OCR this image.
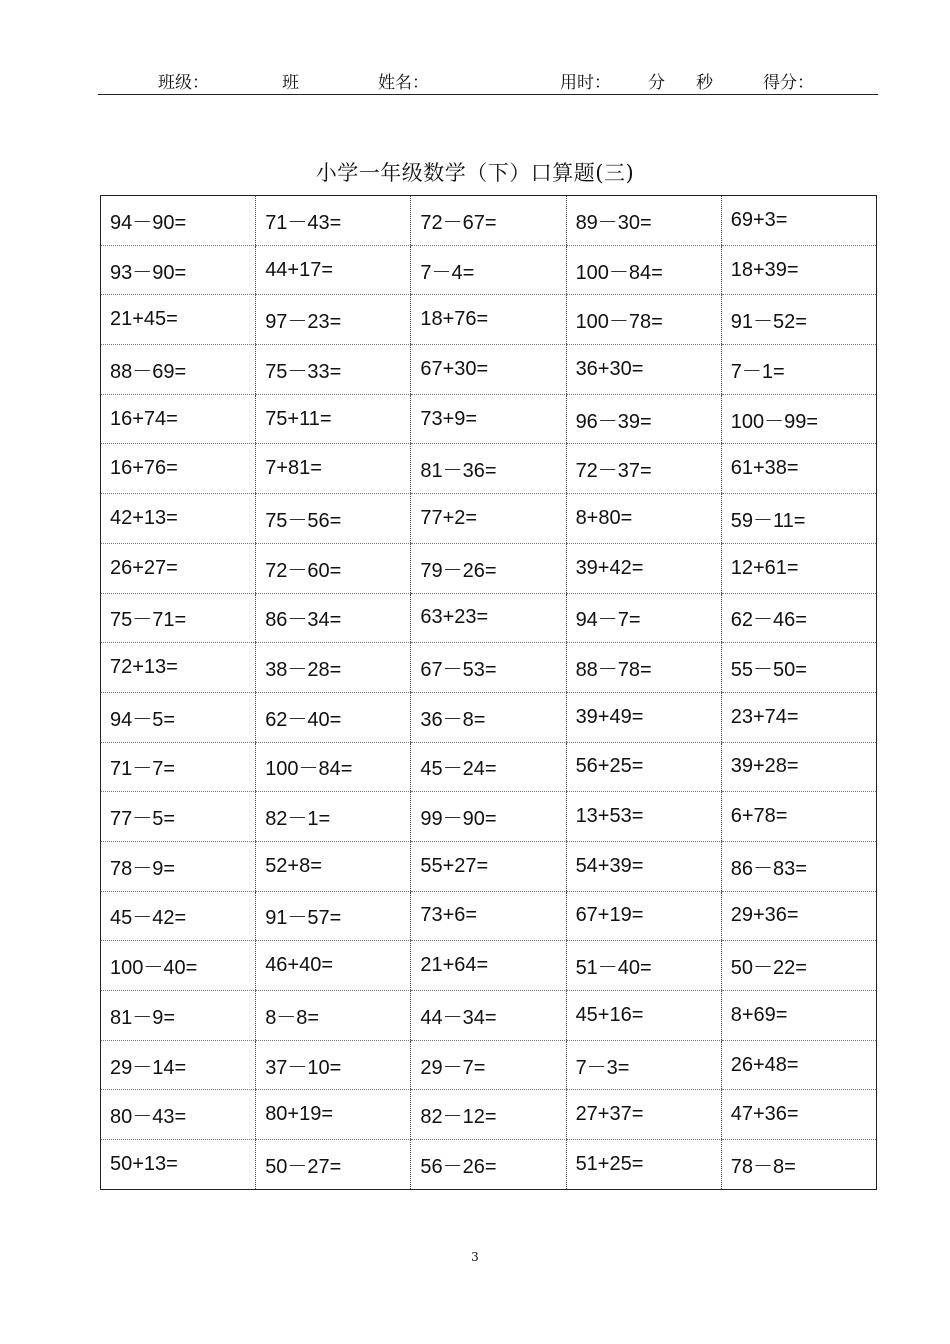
班级：	班	姓名：	用时： 分 秒	得分：
小学一年级数学（下）口算题(三)
94－90=	71－43=	72－67=	89－30=	69+3=
93－90=	44+17=	7－4=	100－84=	18+39=
21+45=	97－23=	18+76=	100－78=	91－52=
88－69=	75－33=	67+30=	36+30=	7－1=
16+74=	75+11=	73+9=	96－39=	100－99=
16+76=	7+81=	81－36=	72－37=	61+38=
42+13=	75－56=	77+2=	8+80=	59－11=
26+27=	72－60=	79－26=	39+42=	12+61=
75－71=	86－34=	63+23=	94－7=	62－46=
72+13=	38－28=	67－53=	88－78=	55－50=
94－5=	62－40=	36－8=	39+49=	23+74=
71－7=	100－84=	45－24=	56+25=	39+28=
77－5=	82－1=	99－90=	13+53=	6+78=
78－9=	52+8=	55+27=	54+39=	86－83=
45－42=	91－57=	73+6=	67+19=	29+36=
100－40=	46+40=	21+64=	51－40=	50－22=
81－9=	8－8=	44－34=	45+16=	8+69=
29－14=	37－10=	29－7=	7－3=	26+48=
80－43=	80+19=	82－12=	27+37=	47+36=
50+13=	50－27=	56－26=	51+25=	78－8=
3
